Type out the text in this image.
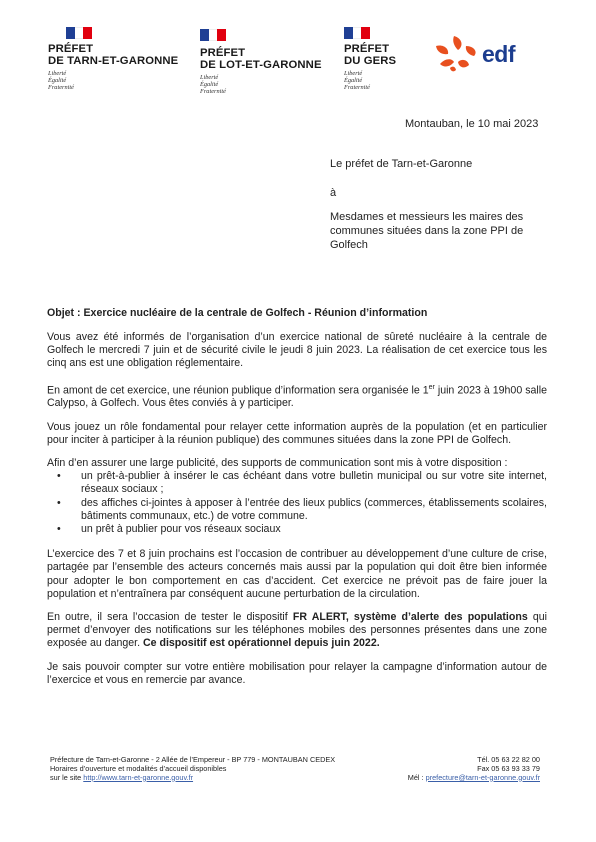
PRÉFET
DE TARN-ET-GARONNE
Liberté
Égalité
Fraternité
PRÉFET
DE LOT-ET-GARONNE
Liberté
Égalité
Fraternité
PRÉFET
DU GERS
Liberté
Égalité
Fraternité
edf
Montauban, le 10 mai 2023
Le préfet de Tarn-et-Garonne
à
Mesdames et messieurs les maires des
communes situées dans la zone PPI de
Golfech
Objet : Exercice nucléaire de la centrale de Golfech - Réunion d’information

Vous avez été informés de l’organisation d’un exercice national de sûreté nucléaire à la centrale de Golfech le mercredi 7 juin et de sécurité civile le jeudi 8 juin 2023. La réalisation de cet exercice tous les cinq ans est une obligation réglementaire.

En amont de cet exercice, une réunion publique d’information sera organisée le 1er juin 2023 à 19h00 salle Calypso, à Golfech. Vous êtes conviés à y participer.

Vous jouez un rôle fondamental pour relayer cette information auprès de la population (et en particulier pour inciter à participer à la réunion publique) des communes situées dans la zone PPI de Golfech.

Afin d’en assurer une large publicité, des supports de communication sont mis à votre disposition :

• un prêt-à-publier à insérer le cas échéant dans votre bulletin municipal ou sur votre site internet, réseaux sociaux ;
• des affiches ci-jointes à apposer à l’entrée des lieux publics (commerces, établissements scolaires, bâtiments communaux, etc.) de votre commune.
• un prêt à publier pour vos réseaux sociaux

L’exercice des 7 et 8 juin prochains est l’occasion de contribuer au développement d’une culture de crise, partagée par l’ensemble des acteurs concernés mais aussi par la population qui doit être bien informée pour adopter le bon comportement en cas d’accident. Cet exercice ne prévoit pas de faire jouer la population et n’entraînera par conséquent aucune perturbation de la circulation.

En outre, il sera l’occasion de tester le dispositif FR ALERT, système d’alerte des populations qui permet d’envoyer des notifications sur les téléphones mobiles des personnes présentes dans une zone exposée au danger. Ce dispositif est opérationnel depuis juin 2022.

Je sais pouvoir compter sur votre entière mobilisation pour relayer la campagne d’information autour de l’exercice et vous en remercie par avance.

Préfecture de Tarn-et-Garonne - 2 Allée de l’Empereur - BP 779 - MONTAUBAN CEDEX
Horaires d’ouverture et modalités d’accueil disponibles
sur le site http://www.tarn-et-garonne.gouv.fr
Tél. 05 63 22 82 00
Fax 05 63 93 33 79
Mél : prefecture@tarn-et-garonne.gouv.fr
